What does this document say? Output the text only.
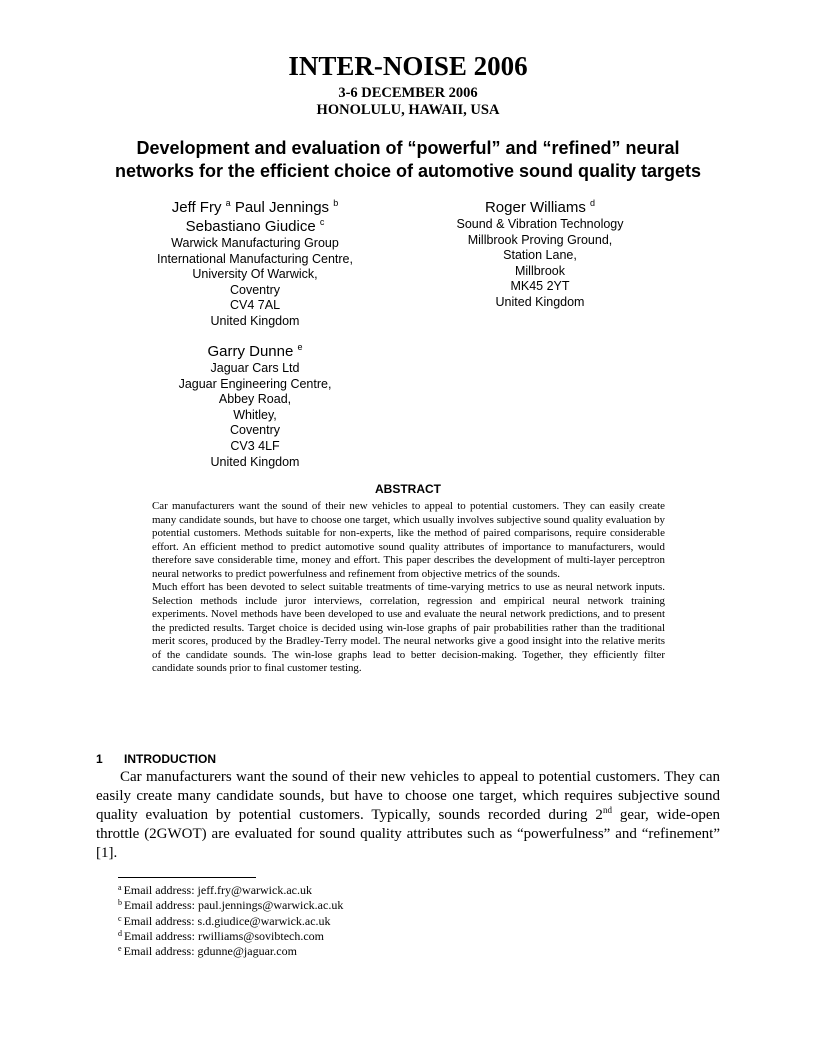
INTER-NOISE 2006
3-6 DECEMBER 2006
HONOLULU, HAWAII, USA
Development and evaluation of “powerful” and “refined” neural
networks for the efficient choice of automotive sound quality targets
Jeff Fry $^a$ Paul Jennings $^b$
Sebastiano Giudice $^c$
Warwick Manufacturing Group
International Manufacturing Centre,
University Of Warwick,
Coventry
CV4 7AL
United Kingdom
Roger Williams $^d$
Sound & Vibration Technology
Millbrook Proving Ground,
Station Lane,
Millbrook
MK45 2YT
United Kingdom
Garry Dunne $^e$
Jaguar Cars Ltd
Jaguar Engineering Centre,
Abbey Road,
Whitley,
Coventry
CV3 4LF
United Kingdom
ABSTRACT

Car manufacturers want the sound of their new vehicles to appeal to potential customers. They can easily create many candidate sounds, but have to choose one target, which usually involves subjective sound quality evaluation by potential customers. Methods suitable for non-experts, like the method of paired comparisons, require considerable effort. An efficient method to predict automotive sound quality attributes of importance to manufacturers, would therefore save considerable time, money and effort. This paper describes the development of multi-layer perceptron neural networks to predict powerfulness and refinement from objective metrics of the sounds.

Much effort has been devoted to select suitable treatments of time-varying metrics to use as neural network inputs. Selection methods include juror interviews, correlation, regression and empirical neural network training experiments. Novel methods have been developed to use and evaluate the neural network predictions, and to present the predicted results. Target choice is decided using win-lose graphs of pair probabilities rather than the traditional merit scores, produced by the Bradley-Terry model. The neural networks give a good insight into the relative merits of the candidate sounds. The win-lose graphs lead to better decision-making. Together, they efficiently filter candidate sounds prior to final customer testing.

1 INTRODUCTION

Car manufacturers want the sound of their new vehicles to appeal to potential customers. They can easily create many candidate sounds, but have to choose one target, which requires subjective sound quality evaluation by potential customers. Typically, sounds recorded during 2nd gear, wide-open throttle (2GWOT) are evaluated for sound quality attributes such as “powerfulness” and “refinement” [1].

$^a$ Email address: jeff.fry@warwick.ac.uk
$^b$ Email address: paul.jennings@warwick.ac.uk
$^c$ Email address: s.d.giudice@warwick.ac.uk
$^d$ Email address: rwilliams@sovibtech.com
$^e$ Email address: gdunne@jaguar.com
